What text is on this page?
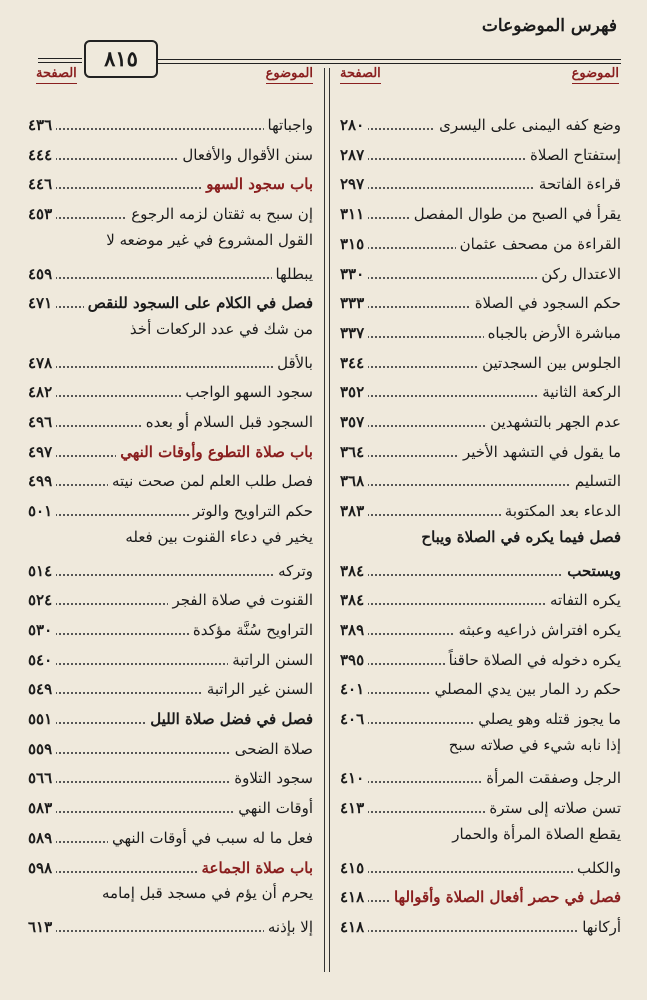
فهرس الموضوعات
٨١٥
الموضوع
الصفحة
الموضوع
الصفحة
وضع كفه اليمنى على اليسرى
٢٨٠
إستفتاح الصلاة
٢٨٧
قراءة الفاتحة
٢٩٧
يقرأ في الصبح من طوال المفصل
٣١١
القراءة من مصحف عثمان
٣١٥
الاعتدال ركن
٣٣٠
حكم السجود في الصلاة
٣٣٣
مباشرة الأرض بالجباه
٣٣٧
الجلوس بين السجدتين
٣٤٤
الركعة الثانية
٣٥٢
عدم الجهر بالتشهدين
٣٥٧
ما يقول في التشهد الأخير
٣٦٤
التسليم
٣٦٨
الدعاء بعد المكتوبة
٣٨٣
فصل فيما يكره في الصلاة ويباح
ويستحب
٣٨٤
يكره التفاته
٣٨٤
يكره افتراش ذراعيه وعبثه
٣٨٩
يكره دخوله في الصلاة حاقناً
٣٩٥
حكم رد المار بين يدي المصلي
٤٠١
ما يجوز قتله وهو يصلي
٤٠٦
إذا نابه شيء في صلاته سبح
الرجل وصفقت المرأة
٤١٠
تسن صلاته إلى سترة
٤١٣
يقطع الصلاة المرأة والحمار
والكلب
٤١٥
فصل في حصر أفعال الصلاة وأقوالها
٤١٨
أركانها
٤١٨
واجباتها
٤٣٦
سنن الأقوال والأفعال
٤٤٤
باب سجود السهو
٤٤٦
إن سبح به ثقتان لزمه الرجوع
٤٥٣
القول المشروع في غير موضعه لا
يبطلها
٤٥٩
فصل في الكلام على السجود للنقص
٤٧١
من شك في عدد الركعات أخذ
بالأقل
٤٧٨
سجود السهو الواجب
٤٨٢
السجود قبل السلام أو بعده
٤٩٦
باب صلاة التطوع وأوقات النهي
٤٩٧
فصل طلب العلم لمن صحت نيته
٤٩٩
حكم التراويح والوتر
٥٠١
يخير في دعاء القنوت بين فعله
وتركه
٥١٤
القنوت في صلاة الفجر
٥٢٤
التراويح سُنَّة مؤكدة
٥٣٠
السنن الراتبة
٥٤٠
السنن غير الراتبة
٥٤٩
فصل في فضل صلاة الليل
٥٥١
صلاة الضحى
٥٥٩
سجود التلاوة
٥٦٦
أوقات النهي
٥٨٣
فعل ما له سبب في أوقات النهي
٥٨٩
باب صلاة الجماعة
٥٩٨
يحرم أن يؤم في مسجد قبل إمامه
إلا بإذنه
٦١٣
